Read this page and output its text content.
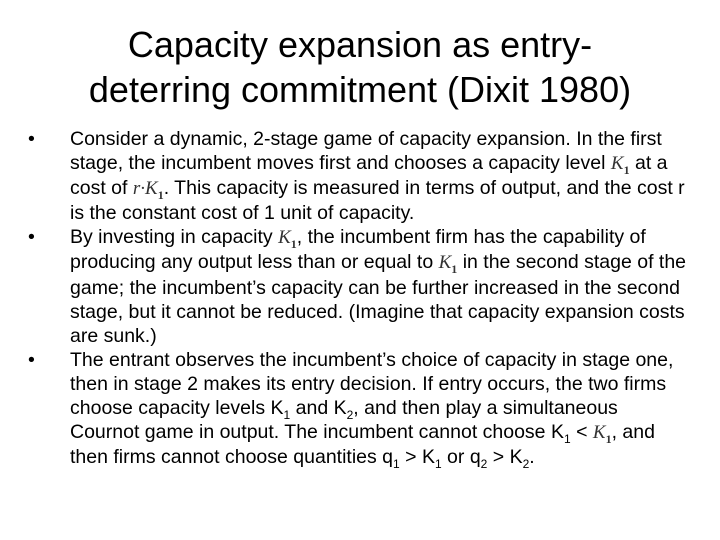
Capacity expansion as entry-
deterring commitment (Dixit 1980)
• Consider a dynamic, 2-stage game of capacity expansion. In the first stage, the incumbent moves first and chooses a capacity level $K_1$ at a cost of $r\cdot K_1$. This capacity is measured in terms of output, and the cost r is the constant cost of 1 unit of capacity.
• By investing in capacity $K_1$, the incumbent firm has the capability of producing any output less than or equal to $K_1$ in the second stage of the game; the incumbent’s capacity can be further increased in the second stage, but it cannot be reduced. (Imagine that capacity expansion costs are sunk.)
• The entrant observes the incumbent’s choice of capacity in stage one, then in stage 2 makes its entry decision. If entry occurs, the two firms choose capacity levels $K_1$ and $K_2$, and then play a simultaneous Cournot game in output. The incumbent cannot choose $K_1 < K_1$, and then firms cannot choose quantities $q_1 > K_1$ or $q_2 > K_2$.
